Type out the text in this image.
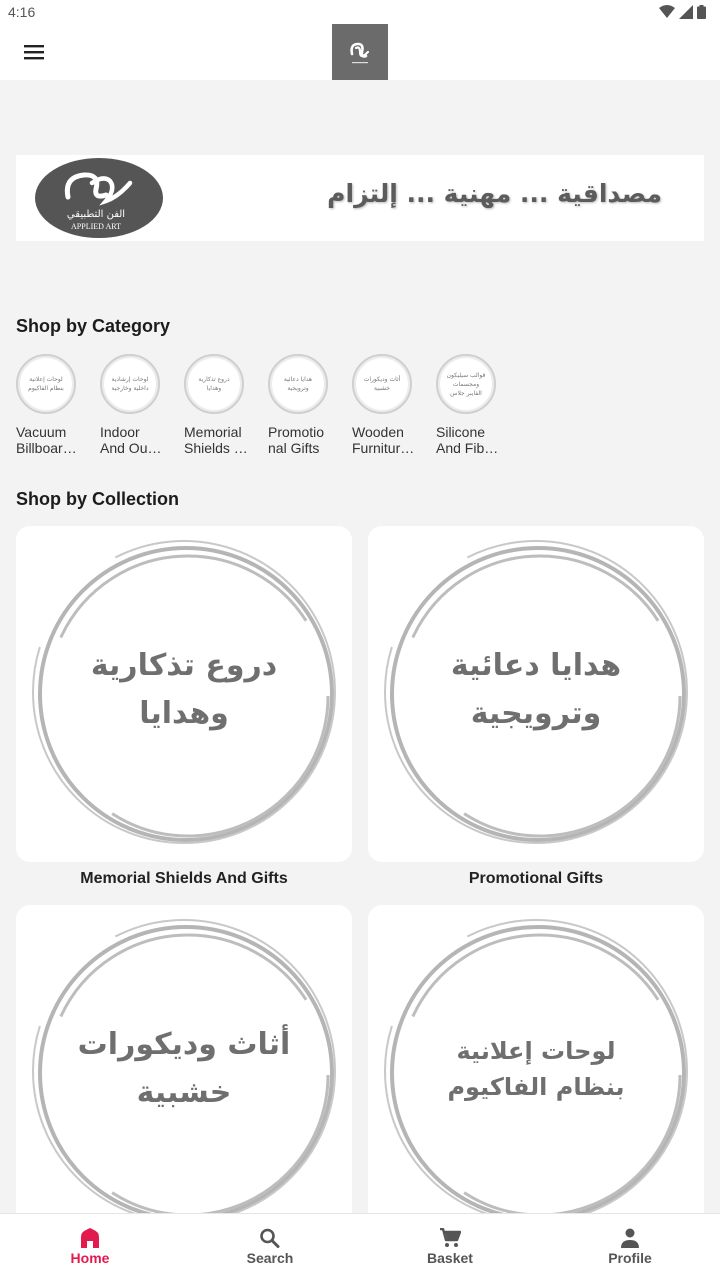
4:16
الفن التطبيقي
APPLIED ART
مصداقية ... مهنية ... إلتزام
Shop by Category
لوحات إعلانية بنظام الفاكيوم
Vacuum
Billboar…
لوحات إرشادية داخلية وخارجية
Indoor
And Ou…
دروع تذكارية وهدايا
Memorial
Shields …
هدايا دعائية وترويجية
Promotio
nal Gifts
أثاث وديكورات خشبية
Wooden
Furnitur…
قوالب سيليكون ومجسمات الفايبر جلاس
Silicone
And Fib…
Shop by Collection
دروع تذكارية
وهدايا
Memorial Shields And Gifts
هدايا دعائية
وترويجية
Promotional Gifts
أثاث وديكورات
خشبية
لوحات إعلانية
بنظام الفاكيوم
Home	Search	Basket	Profile
